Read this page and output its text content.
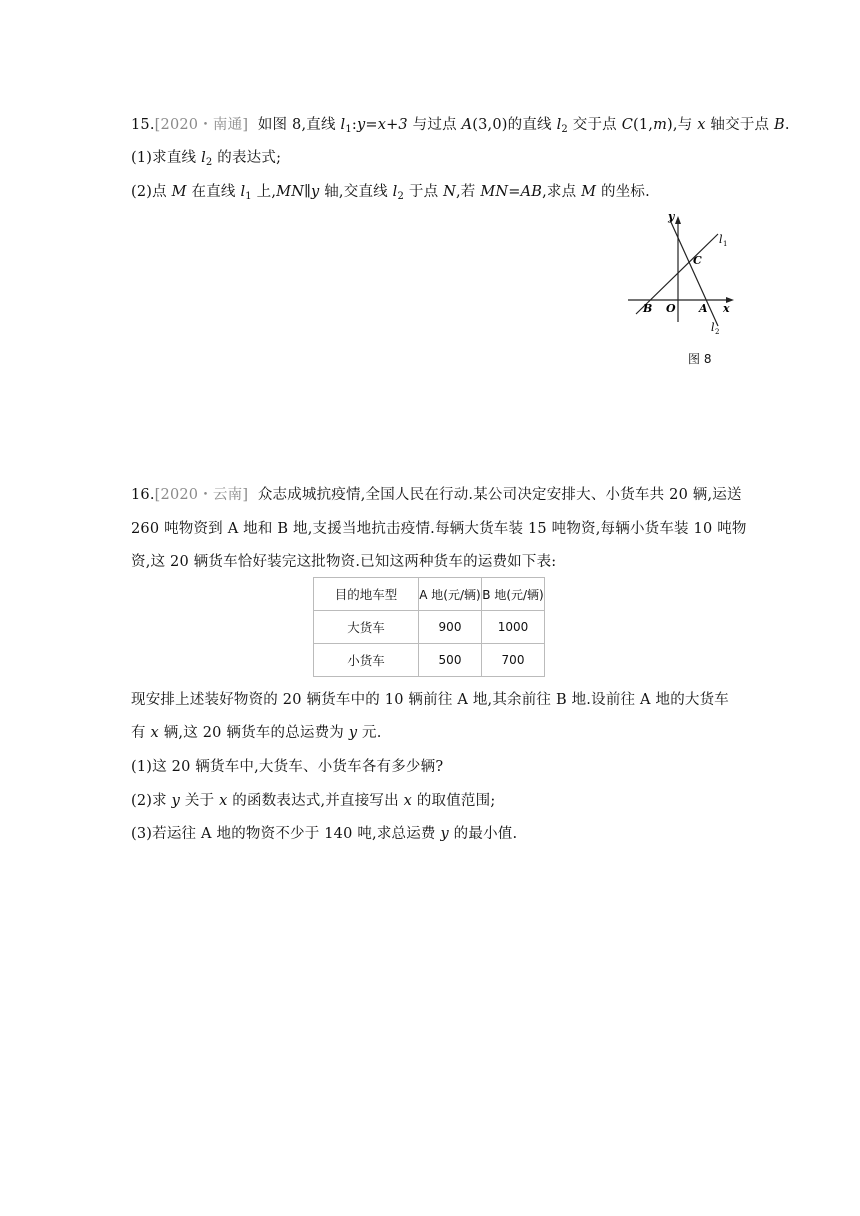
15.[2020・南通] 如图 8,直线 $l_1:y=x+3$ 与过点 A(3,0)的直线 $l_2$ 交于点 C(1,m),与 x 轴交于点 B.
(1)求直线 $l_2$ 的表达式;
(2)点 M 在直线 $l_1$ 上,MN∥y 轴,交直线 $l_2$ 于点 N,若 MN=AB,求点 M 的坐标.
y
l 1
C
B O A x
l 2
图 8
16.[2020・云南] 众志成城抗疫情,全国人民在行动.某公司决定安排大、小货车共 20 辆,运送
260 吨物资到 A 地和 B 地,支援当地抗击疫情.每辆大货车装 15 吨物资,每辆小货车装 10 吨物
资,这 20 辆货车恰好装完这批物资.已知这两种货车的运费如下表:
目的地车型	A 地(元/辆)	B 地(元/辆)
大货车	900	1000
小货车	500	700
现安排上述装好物资的 20 辆货车中的 10 辆前往 A 地,其余前往 B 地.设前往 A 地的大货车
有 x 辆,这 20 辆货车的总运费为 y 元.
(1)这 20 辆货车中,大货车、小货车各有多少辆?
(2)求 y 关于 x 的函数表达式,并直接写出 x 的取值范围;
(3)若运往 A 地的物资不少于 140 吨,求总运费 y 的最小值.
